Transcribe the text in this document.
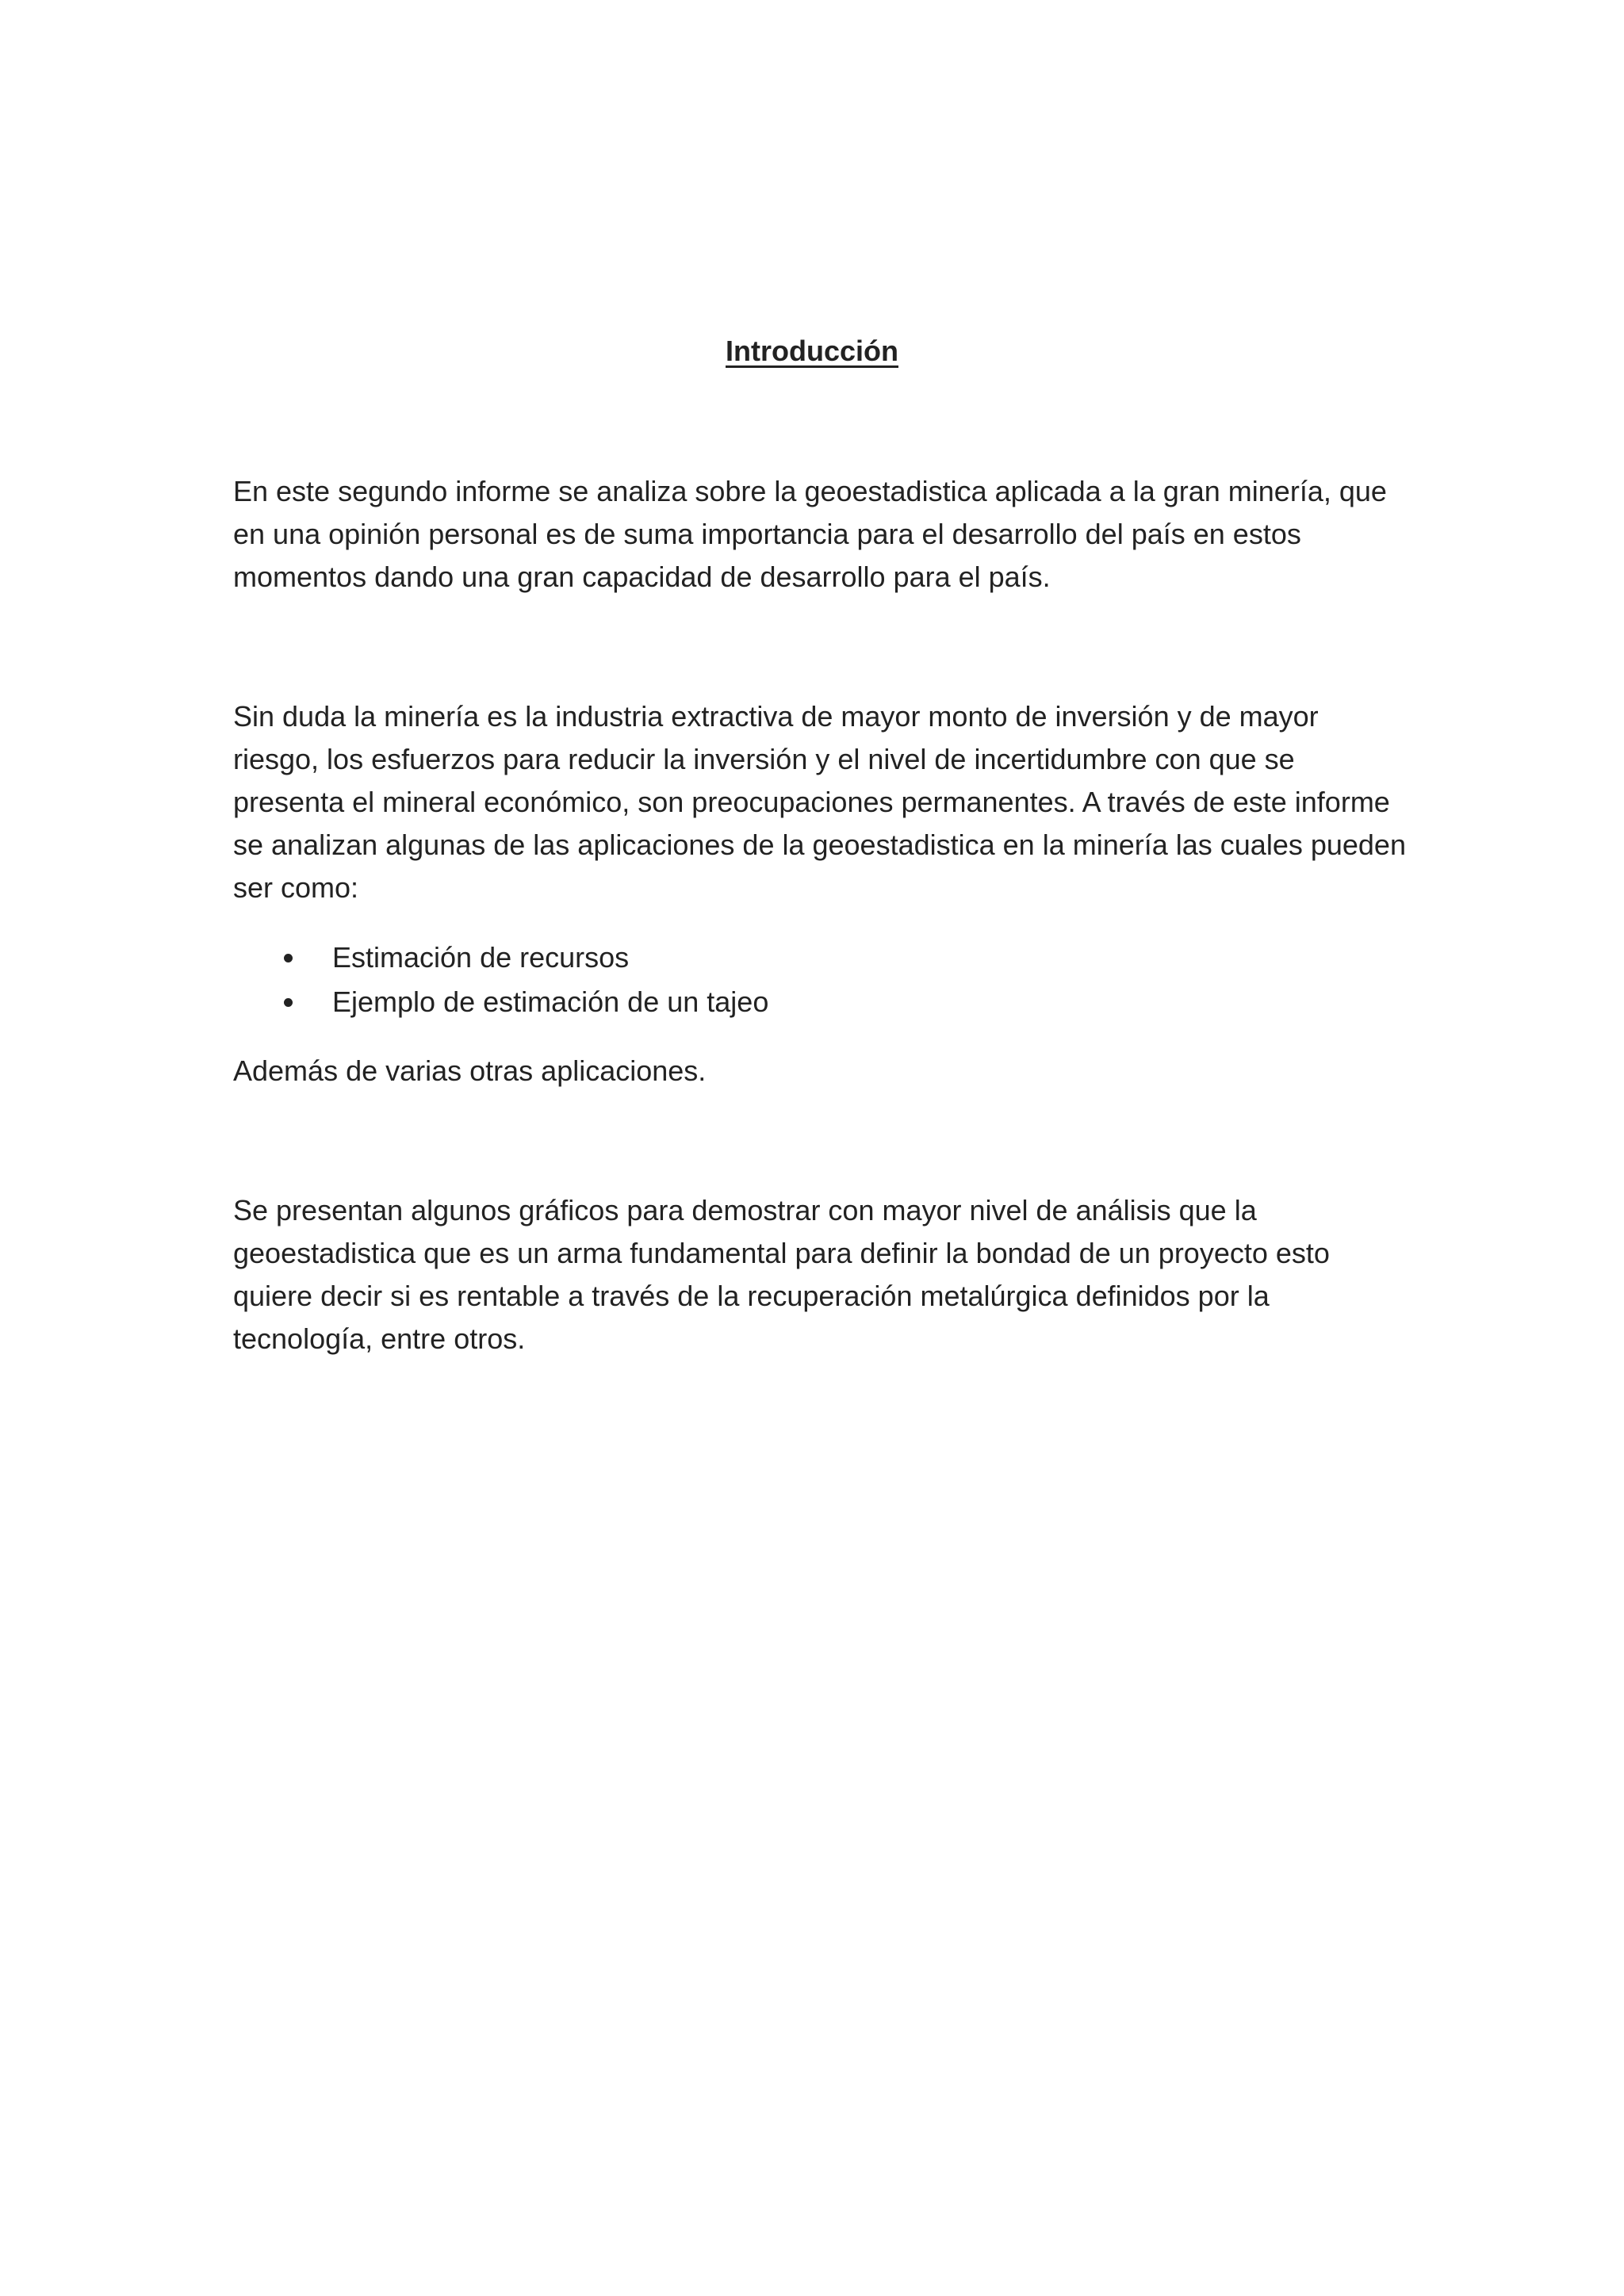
Introducción

En este segundo informe se analiza sobre la geoestadistica aplicada a la gran minería, que en una opinión personal es de suma importancia para el desarrollo del país en estos momentos dando una gran capacidad de desarrollo para el país.

Sin duda la minería es la industria extractiva de mayor monto de inversión y de mayor riesgo, los esfuerzos para reducir la inversión y el nivel de incertidumbre con que se presenta el mineral económico, son preocupaciones permanentes. A través de este informe se analizan algunas de las aplicaciones de la geoestadistica en la minería las cuales pueden ser como:

Estimación de recursos
Ejemplo de estimación de un tajeo

Además de varias otras aplicaciones.

Se presentan algunos gráficos para demostrar con mayor nivel de análisis que la geoestadistica que es un arma fundamental para definir la bondad de un proyecto esto quiere decir si es rentable a través de la recuperación metalúrgica definidos por la tecnología, entre otros.
